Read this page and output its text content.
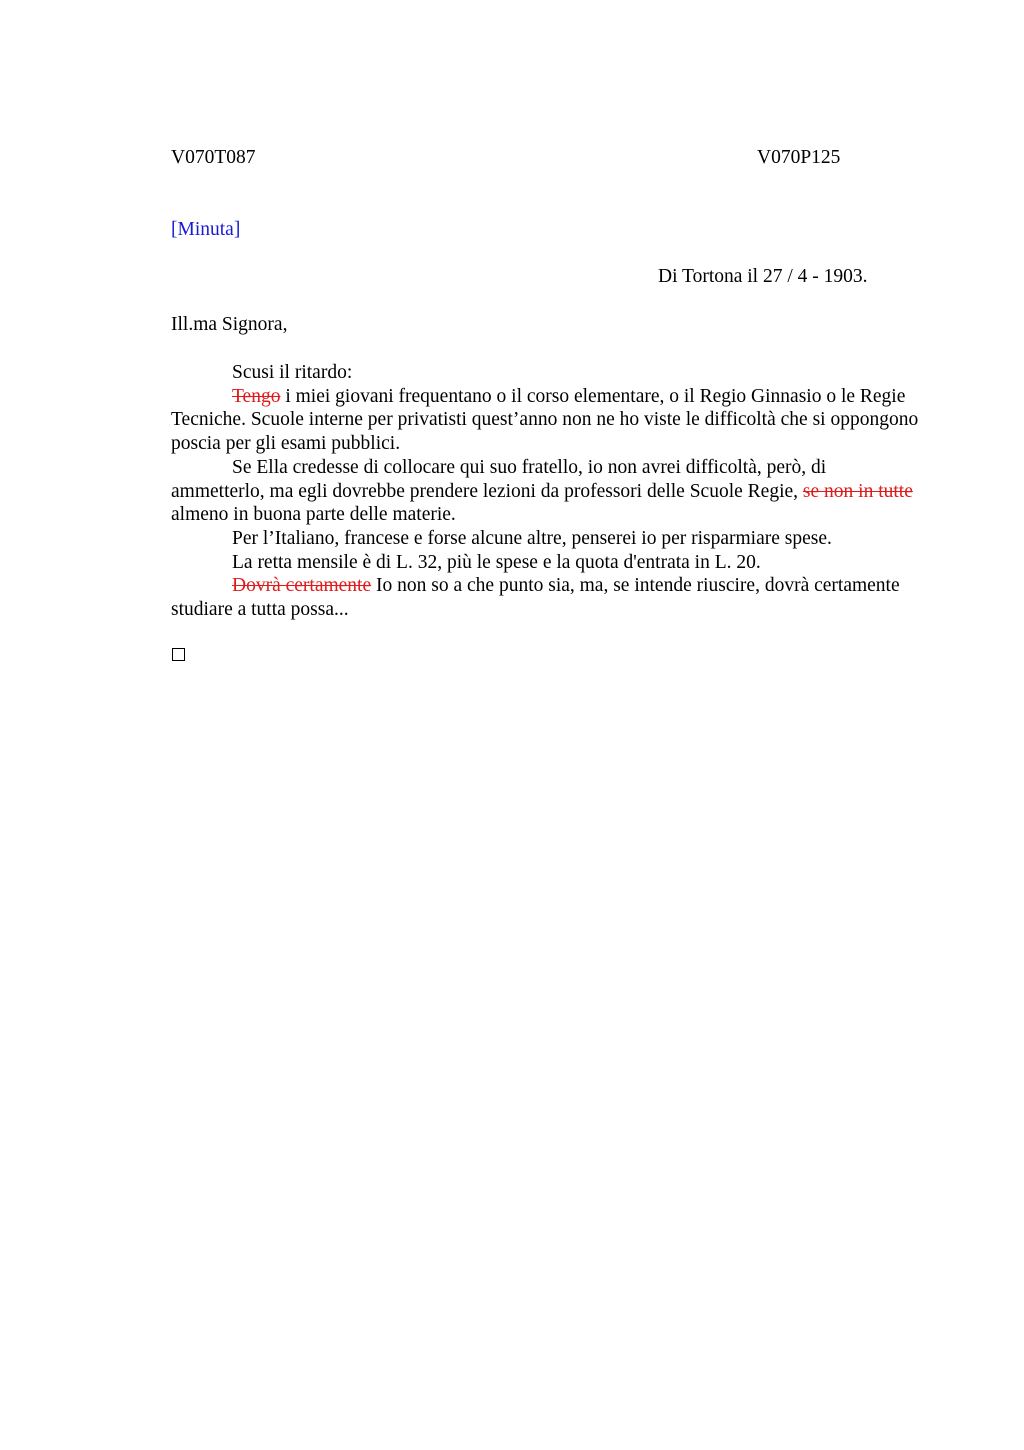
V070T087	V070P125
[Minuta]
Di Tortona il 27 / 4 - 1903.
Ill.ma Signora,

Scusi il ritardo:

Tengo i miei giovani frequentano o il corso elementare, o il Regio Ginnasio o le Regie Tecniche. Scuole interne per privatisti quest’anno non ne ho viste le difficoltà che si oppongono poscia per gli esami pubblici.

Se Ella credesse di collocare qui suo fratello, io non avrei difficoltà, però, di ammetterlo, ma egli dovrebbe prendere lezioni da professori delle Scuole Regie, se non in tutte almeno in buona parte delle materie.

Per l’Italiano, francese e forse alcune altre, penserei io per risparmiare spese.

La retta mensile è di L. 32, più le spese e la quota d'entrata in L. 20.

Dovrà certamente Io non so a che punto sia, ma, se intende riuscire, dovrà certamente studiare a tutta possa...
